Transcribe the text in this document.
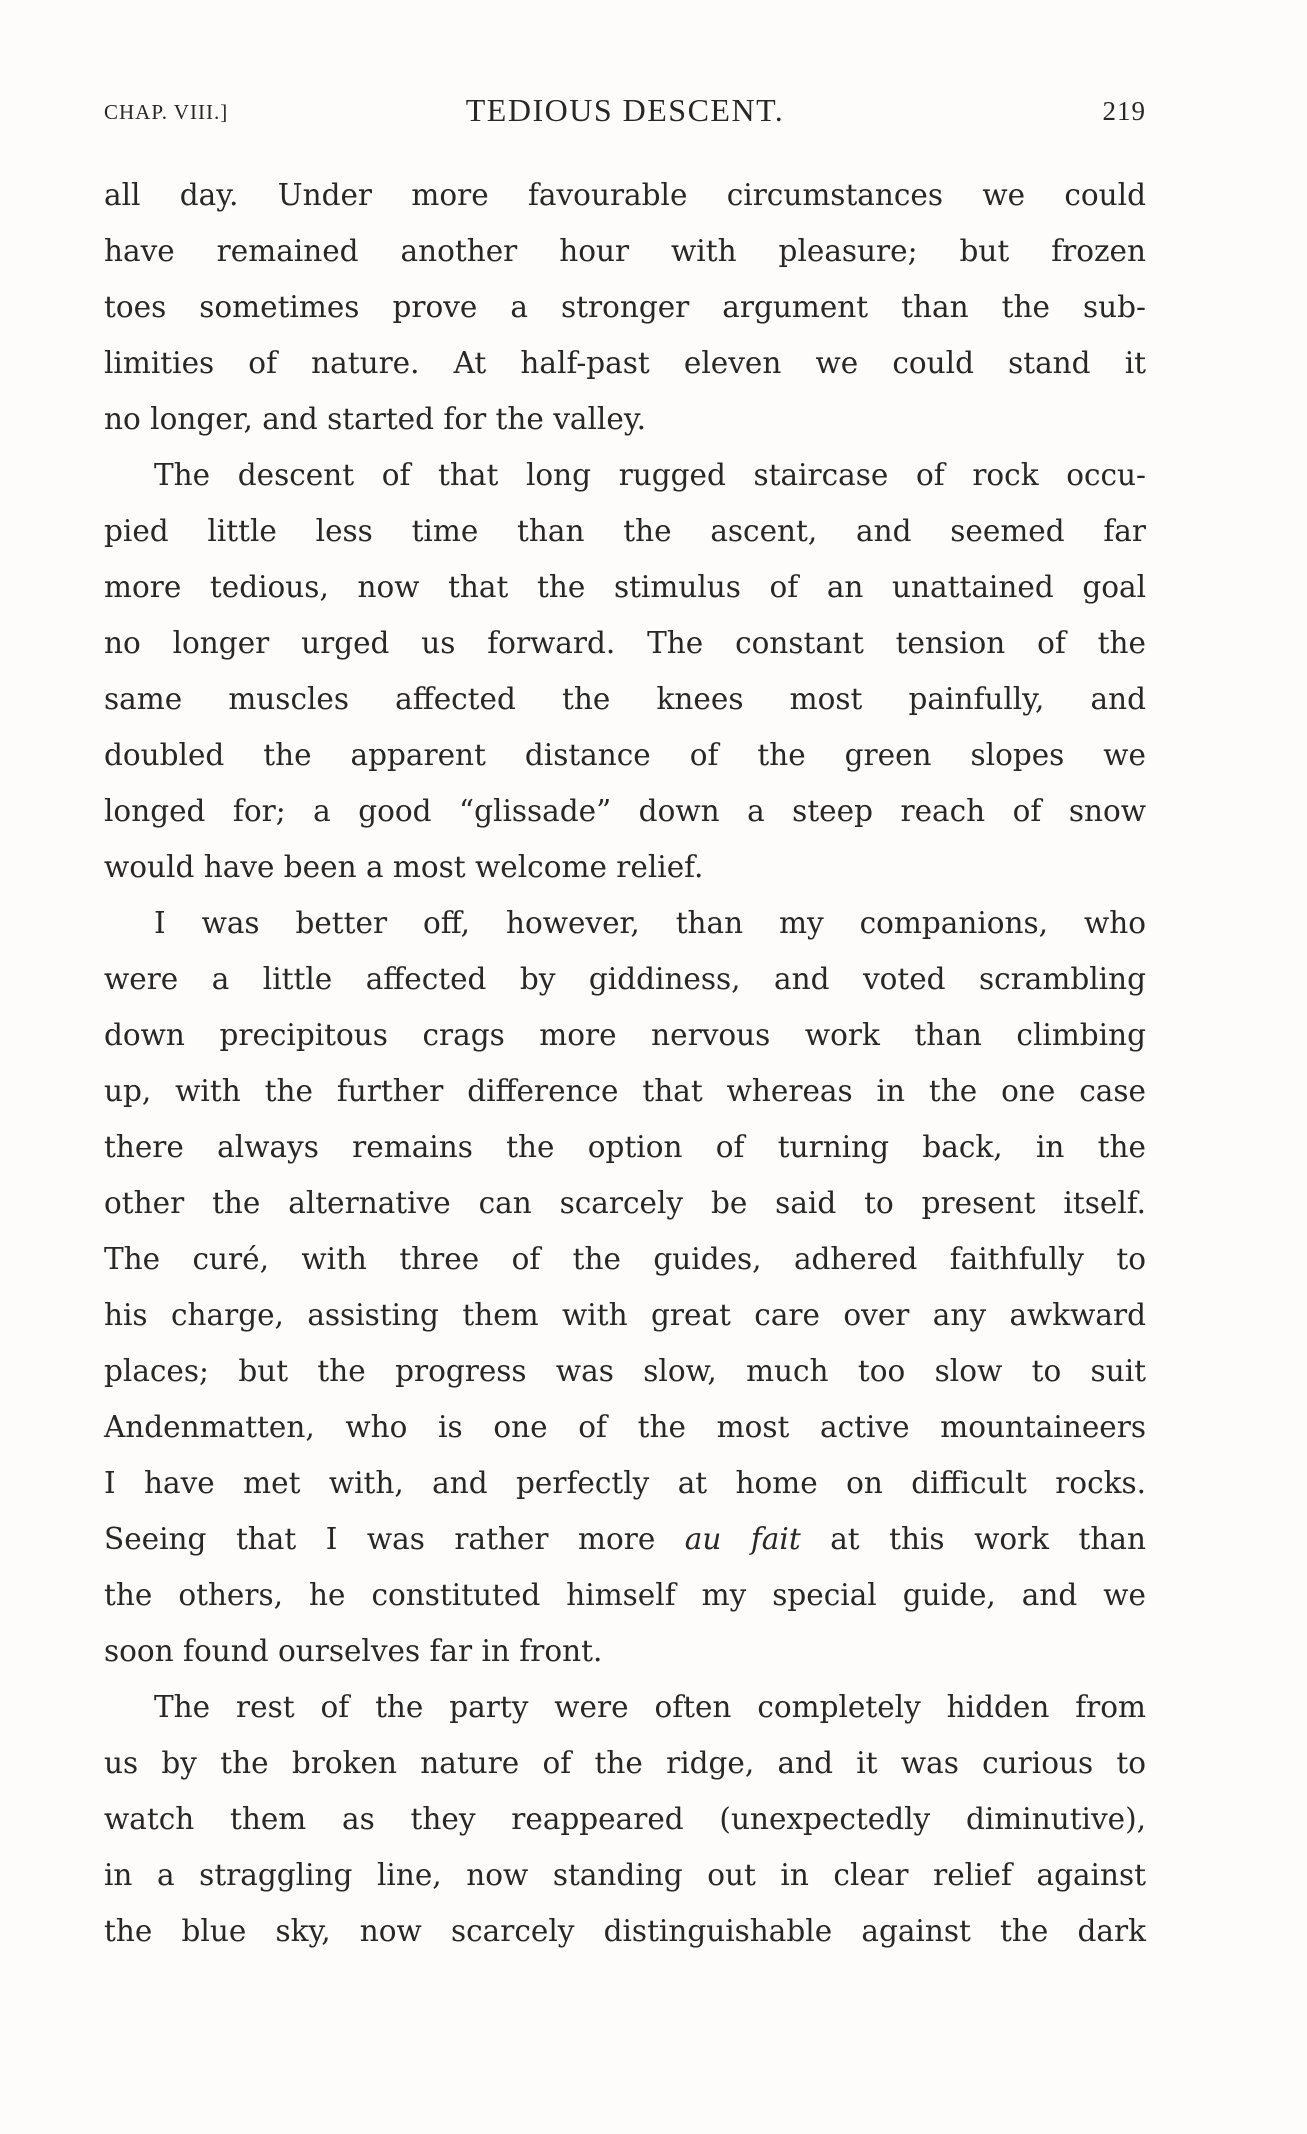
CHAP. VIII.]	TEDIOUS DESCENT.	219
all day. Under more favourable circumstances we could
have remained another hour with pleasure; but frozen
toes sometimes prove a stronger argument than the sub-
limities of nature. At half-past eleven we could stand it
no longer, and started for the valley.
The descent of that long rugged staircase of rock occu-
pied little less time than the ascent, and seemed far
more tedious, now that the stimulus of an unattained goal
no longer urged us forward. The constant tension of the
same muscles affected the knees most painfully, and
doubled the apparent distance of the green slopes we
longed for; a good “glissade” down a steep reach of snow
would have been a most welcome relief.
I was better off, however, than my companions, who
were a little affected by giddiness, and voted scrambling
down precipitous crags more nervous work than climbing
up, with the further difference that whereas in the one case
there always remains the option of turning back, in the
other the alternative can scarcely be said to present itself.
The curé, with three of the guides, adhered faithfully to
his charge, assisting them with great care over any awkward
places; but the progress was slow, much too slow to suit
Andenmatten, who is one of the most active mountaineers
I have met with, and perfectly at home on difficult rocks.
Seeing that I was rather more au fait at this work than
the others, he constituted himself my special guide, and we
soon found ourselves far in front.
The rest of the party were often completely hidden from
us by the broken nature of the ridge, and it was curious to
watch them as they reappeared (unexpectedly diminutive),
in a straggling line, now standing out in clear relief against
the blue sky, now scarcely distinguishable against the dark
